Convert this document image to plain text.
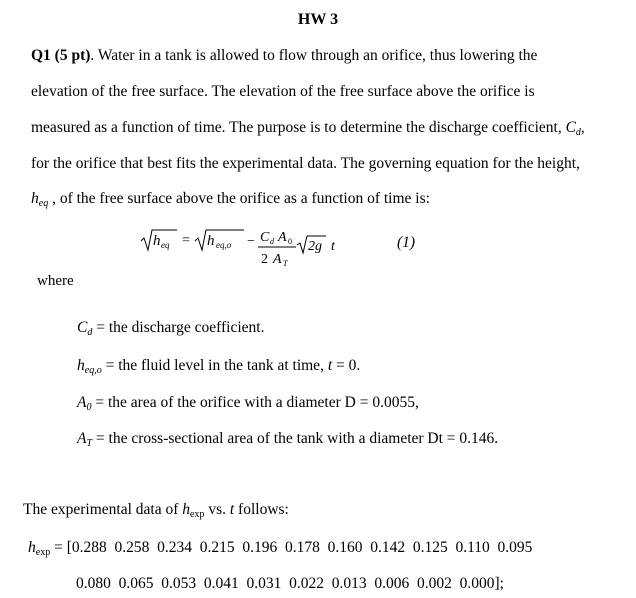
HW 3
Q1 (5 pt). Water in a tank is allowed to flow through an orifice, thus lowering the
elevation of the free surface. The elevation of the free surface above the orifice is
measured as a function of time. The purpose is to determine the discharge coefficient, $C_d$,
for the orifice that best fits the experimental data. The governing equation for the height,
$h_{eq}$ , of the free surface above the orifice as a function of time is:
h eq = h eq,o − C d A 0
2 A T
2g t	(1)
where
$C_d$ = the discharge coefficient.
$h_{eq,o}$ = the fluid level in the tank at time, t = 0.
$A_0$ = the area of the orifice with a diameter D = 0.0055,
$A_T$ = the cross-sectional area of the tank with a diameter Dt = 0.146.
The experimental data of $h_{exp}$ vs. t follows:
$h_{exp} = [0.288$  0.258  0.234  0.215  0.196  0.178  0.160  0.142  0.125  0.110  0.095
0.080  0.065  0.053  0.041  0.031  0.022  0.013  0.006  0.002  0.000];
